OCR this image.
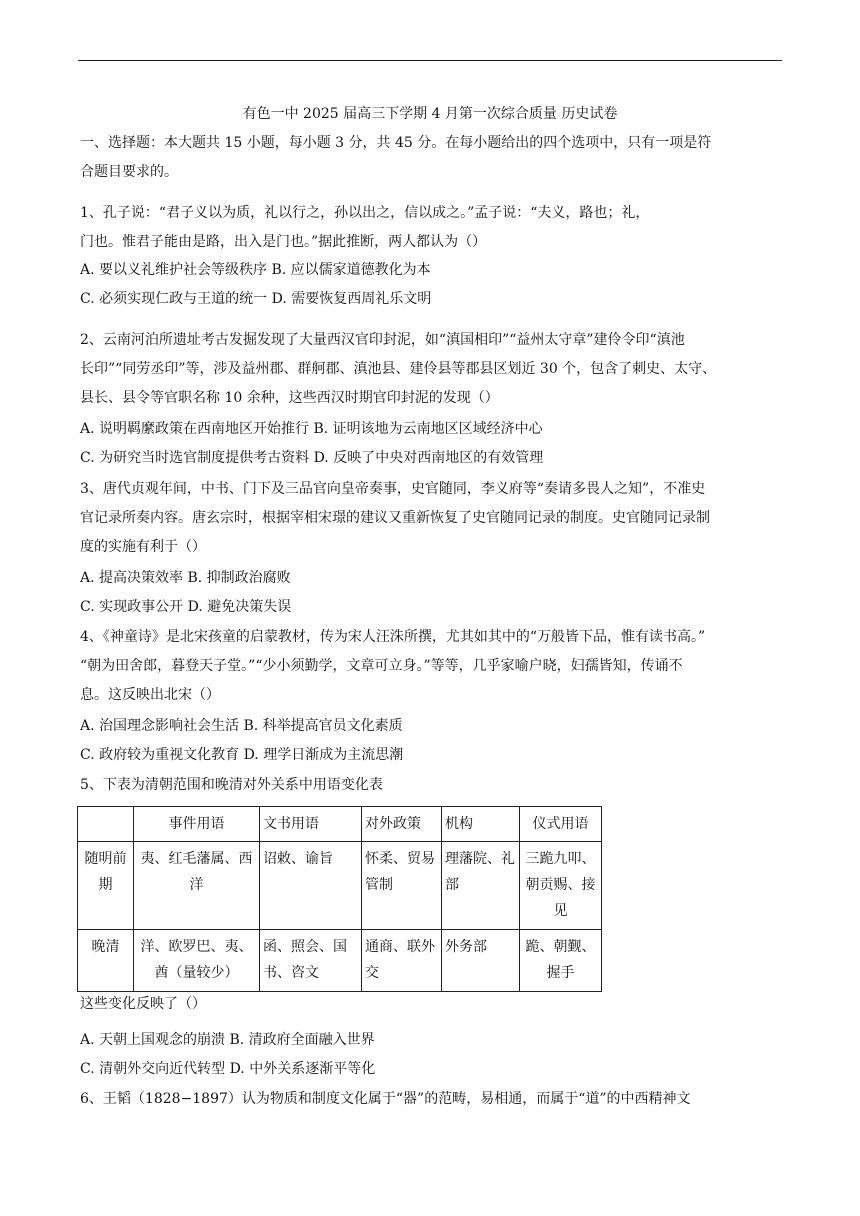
有色一中 2025 届高三下学期 4 月第一次综合质量 历史试卷
一、选择题：本大题共 15 小题，每小题 3 分，共 45 分。在每小题给出的四个选项中，只有一项是符
合题目要求的。
1、孔子说：“君子义以为质，礼以行之，孙以出之，信以成之。”孟子说：“夫义，路也；礼，
门也。惟君子能由是路，出入是门也。”据此推断，两人都认为（）
A. 要以义礼维护社会等级秩序 B. 应以儒家道德教化为本
C. 必须实现仁政与王道的统一 D. 需要恢复西周礼乐文明
2、云南河泊所遗址考古发掘发现了大量西汉官印封泥，如“滇国相印”“益州太守章”建伶令印“滇池
长印”“同劳丞印”等，涉及益州郡、群舸郡、滇池县、建伶县等郡县区划近 30 个，包含了刺史、太守、
县长、县令等官职名称 10 余种，这些西汉时期官印封泥的发现（）
A. 说明羁縻政策在西南地区开始推行 B. 证明该地为云南地区区域经济中心
C. 为研究当时选官制度提供考古资料 D. 反映了中央对西南地区的有效管理
3、唐代贞观年间，中书、门下及三品官向皇帝奏事，史官随同，李义府等“奏请多畏人之知”，不准史
官记录所奏内容。唐玄宗时，根据宰相宋璟的建议又重新恢复了史官随同记录的制度。史官随同记录制
度的实施有利于（）
A. 提高决策效率 B. 抑制政治腐败
C. 实现政事公开 D. 避免决策失误
4、《神童诗》是北宋孩童的启蒙教材，传为宋人汪洙所撰，尤其如其中的“万般皆下品，惟有读书高。”
“朝为田舍郎，暮登天子堂。”“少小须勤学，文章可立身。”等等，几乎家喻户晓，妇孺皆知，传诵不
息。这反映出北宋（）
A. 治国理念影响社会生活 B. 科举提高官员文化素质
C. 政府较为重视文化教育 D. 理学日渐成为主流思潮
5、下表为清朝范围和晚清对外关系中用语变化表
	事件用语	文书用语	对外政策	机构	仪式用语
随明前期	夷、红毛藩属、西洋	诏敕、谕旨	怀柔、贸易管制	理藩院、礼部	三跪九叩、朝贡赐、接见
晚清	洋、欧罗巴、夷、酋（量较少）	函、照会、国书、咨文	通商、联外交	外务部	跪、朝觐、握手
这些变化反映了（）
A. 天朝上国观念的崩溃 B. 清政府全面融入世界
C. 清朝外交向近代转型 D. 中外关系逐渐平等化
6、王韬（1828−1897）认为物质和制度文化属于“器”的范畴，易相通，而属于“道”的中西精神文
